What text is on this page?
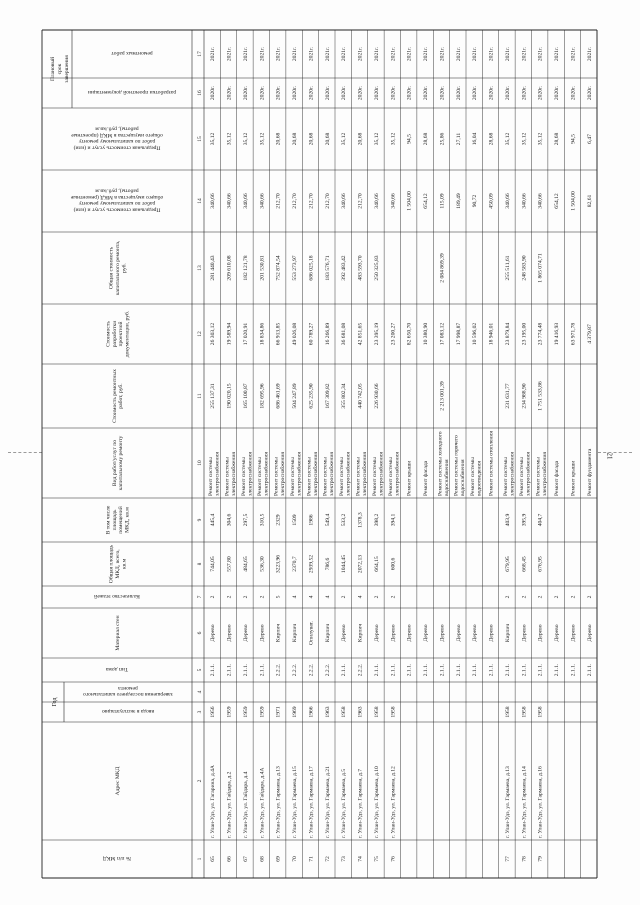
Год
Плановый срок завершения
№ п/п МКД
Адрес МКД
ввода в эксплуатацию
завершения последнего капитального
ремонта
Тип дома
Материал стен
Количество этажей
Общая площадь МКД, всего, кв.м
В том числе площадь помещений МКД, кв.м
Вид работ/услуг по капитальному ремонту
Стоимость ремонтных работ, руб.
Стоимость разработки проектной документации, руб.
Общая стоимость капитального ремонта, руб.
Предельная стоимость услуг и (или)
работ по капитальному ремонту
общего имущества в МКД (ремонтные
работы), руб./кв.м
Предельная стоимость услуг и (или)
работ по капитальному ремонту
общего имущества в МКД (проектные
работы), руб./кв.м
разработки проектной документации
ремонтных работ
1
2
3
4
5
6
7
8
9
10
11
12
13
14
15
16
17
65
г. Улан-Удэ, ул. Гагарина, д.4А
1956
2.1.1.
Дерево
2
744,05
445,4
Ремонт системы электроснабжения
255 137,31
26 303,12
281 440,43
340,66
35,12
2020г.
2021г.
66
г. Улан-Удэ, ул. Гайдара, д.2
1959
2.1.1.
Дерево
2
557,80
304,6
Ремонт системы электроснабжения
190 020,15
19 589,94
209 610,08
340,66
35,12
2020г.
2021г.
67
г. Улан-Удэ, ул. Гайдара, д.4
1959
2.1.1.
Дерево
2
484,65
297,5
Ремонт системы электроснабжения
165 100,87
17 020,91
182 121,78
340,66
35,12
2020г.
2021г.
68
г. Улан-Удэ, ул. Гайдара, д.4А
1959
2.1.1.
Дерево
2
536,30
310,5
Ремонт системы электроснабжения
182 695,96
18 834,86
201 530,81
340,66
35,12
2020г.
2021г.
69
г. Улан-Удэ, ул. Гармаева, д.13
1971
2.2.2.
Кирпич
5
3223,96
2329
Ремонт системы электроснабжения
686 461,69
66 913,85
752 874,54
212,70
20,68
2020г.
2021г.
70
г. Улан-Удэ, ул. Гармаева, д.15
1969
2.2.2.
Кирпич
4
2370,7
1509
Ремонт системы электроснабжения
504 247,89
49 026,08
553 273,97
212,70
20,68
2020г.
2021г.
71
г. Улан-Удэ, ул. Гармаева, д.17
1966
2.2.2.
Опилуват.
4
2939,52
1986
Ремонт системы электроснабжения
625 235,90
60 789,27
686 025,18
212,70
20,68
2020г.
2021г.
72
г. Улан-Удэ, ул. Гармаева, д.21
1963
2.2.2.
Кирпич
4
786,6
549,4
Ремонт системы электроснабжения
167 309,82
16 266,89
183 576,71
212,70
20,68
2020г.
2021г.
73
г. Улан-Удэ, ул. Гармаева, д.5
1958
2.1.1.
Дерево
2
1044,45
533,2
Ремонт системы электроснабжения
355 802,34
36 681,08
392 483,42
340,66
35,12
2020г.
2021г.
74
г. Улан-Удэ, ул. Гармаева, д.7
1963
2.2.2.
Кирпич
4
2072,13
1378,3
Ремонт системы электроснабжения
440 742,05
42 851,65
483 593,70
212,70
20,68
2020г.
2021г.
75
г. Улан-Удэ, ул. Гармаева, д.10
1958
2.1.1.
Дерево
2
664,15
398,2
Ремонт системы электроснабжения
226 930,66
23 395,19
250 325,83
340,66
35,12
2020г.
2021г.
76
г. Улан-Удэ, ул. Гармаева, д.12
1958
2.1.1.
Дерево
2
600,6
394,1
Ремонт системы электроснабжения
23 200,27
340,66
35,12
2020г.
2021г.
2.1.1.
Дерево
Ремонт крыши
82 650,70
1 504,00
94,5
2020г.
2021г.
2.1.1.
Дерево
Ремонт фасада
10 380,90
654,12
28,68
2020г.
2021г.
2.1.1.
Дерево
Ремонт системы холодного водоснабжения
2 213 001,39
17 083,12
2 084 869,39
115,09
25,86
2020г.
2021г.
2.1.1.
Дерево
Ремонт системы горячего водоснабжения
17 998,87
189,49
27,11
2020г.
2021г.
2.1.1.
Дерево
Ремонт системы водоотведения
10 596,02
90,72
16,04
2020г.
2021г.
2.1.1.
Дерево
Ремонт системы отопления
18 946,01
450,09
28,68
2020г.
2021г.
77
г. Улан-Удэ, ул. Гармаева, д.13
1958
2.1.1.
Кирпич
2
679,95
403,9
Ремонт системы электроснабжения
231 631,77
23 879,84
255 511,61
340,66
35,12
2020г.
2021г.
78
г. Улан-Удэ, ул. Гармаева, д.14
1958
2.1.1.
Дерево
2
668,45
395,9
Ремонт системы электроснабжения
234 988,90
23 195,00
248 583,90
340,66
35,12
2020г.
2021г.
79
г. Улан-Удэ, ул. Гармаева, д.16
1958
2.1.1.
Дерево
2
676,95
404,7
Ремонт системы электроснабжения
1 751 533,86
23 774,48
1 865 074,71
340,66
35,12
2020г.
2021г.
2.1.1.
Дерево
2
Ремонт фасада
19 416,93
654,12
28,68
2020г.
2021г.
2.1.1.
Дерево
2
Ремонт крыши
63 971,78
1 504,00
94,5
2020г.
2021г.
2.1.1.
Дерево
2
Ремонт фундамента
4 379,87
82,61
6,47
2020г.
2021г.
21
